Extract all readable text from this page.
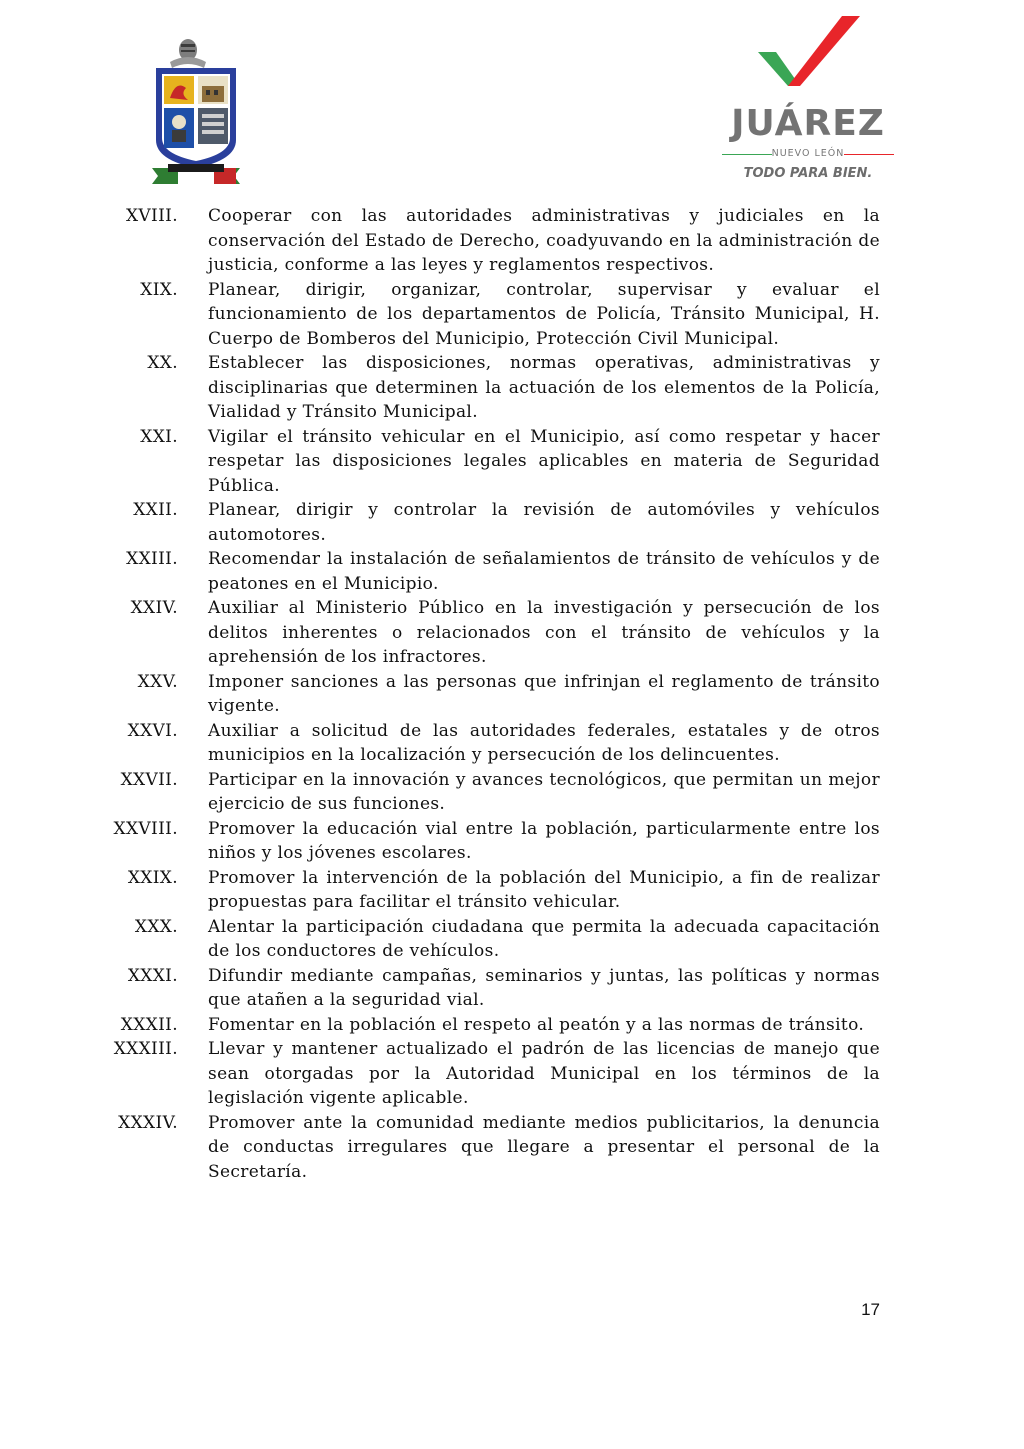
JUÁREZ
NUEVO LEÓN
TODO PARA BIEN.
XVIII. Cooperar con las autoridades administrativas y judiciales en la conservación del Estado de Derecho, coadyuvando en la administración de justicia, conforme a las leyes y reglamentos respectivos.
XIX. Planear, dirigir, organizar, controlar, supervisar y evaluar el funcionamiento de los departamentos de Policía, Tránsito Municipal, H. Cuerpo de Bomberos del Municipio, Protección Civil Municipal.
XX. Establecer las disposiciones, normas operativas, administrativas y disciplinarias que determinen la actuación de los elementos de la Policía, Vialidad y Tránsito Municipal.
XXI. Vigilar el tránsito vehicular en el Municipio, así como respetar y hacer respetar las disposiciones legales aplicables en materia de Seguridad Pública.
XXII. Planear, dirigir y controlar la revisión de automóviles y vehículos automotores.
XXIII. Recomendar la instalación de señalamientos de tránsito de vehículos y de peatones en el Municipio.
XXIV. Auxiliar al Ministerio Público en la investigación y persecución de los delitos inherentes o relacionados con el tránsito de vehículos y la aprehensión de los infractores.
XXV. Imponer sanciones a las personas que infrinjan el reglamento de tránsito vigente.
XXVI. Auxiliar a solicitud de las autoridades federales, estatales y de otros municipios en la localización y persecución de los delincuentes.
XXVII. Participar en la innovación y avances tecnológicos, que permitan un mejor ejercicio de sus funciones.
XXVIII. Promover la educación vial entre la población, particularmente entre los niños y los jóvenes escolares.
XXIX. Promover la intervención de la población del Municipio, a fin de realizar propuestas para facilitar el tránsito vehicular.
XXX. Alentar la participación ciudadana que permita la adecuada capacitación de los conductores de vehículos.
XXXI. Difundir mediante campañas, seminarios y juntas, las políticas y normas que atañen a la seguridad vial.
XXXII. Fomentar en la población el respeto al peatón y a las normas de tránsito.
XXXIII. Llevar y mantener actualizado el padrón de las licencias de manejo que sean otorgadas por la Autoridad Municipal en los términos de la legislación vigente aplicable.
XXXIV. Promover ante la comunidad mediante medios publicitarios, la denuncia de conductas irregulares que llegare a presentar el personal de la Secretaría.
17
